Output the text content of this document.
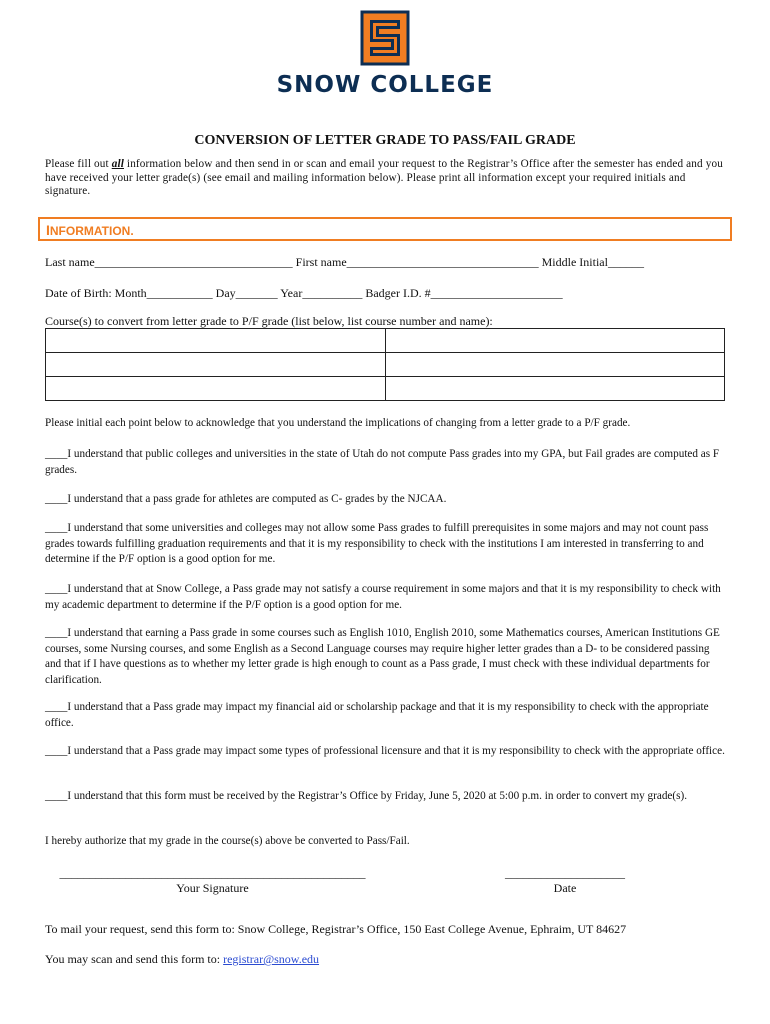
SNOW COLLEGE
CONVERSION OF LETTER GRADE TO PASS/FAIL GRADE
Please fill out all information below and then send in or scan and email your request to the Registrar’s Office after the semester has ended and you have received your letter grade(s) (see email and mailing information below). Please print all information except your required initials and signature.
INFORMATION.
Last name_________________________________ First name________________________________ Middle Initial______
Date of Birth: Month___________ Day_______ Year__________ Badger I.D. #______________________
Course(s) to convert from letter grade to P/F grade (list below, list course number and name):

Please initial each point below to acknowledge that you understand the implications of changing from a letter grade to a P/F grade.
____I understand that public colleges and universities in the state of Utah do not compute Pass grades into my GPA, but Fail grades are computed as F grades.
____I understand that a pass grade for athletes are computed as C- grades by the NJCAA.
____I understand that some universities and colleges may not allow some Pass grades to fulfill prerequisites in some majors and may not count pass grades towards fulfilling graduation requirements and that it is my responsibility to check with the institutions I am interested in transferring to and determine if the P/F option is a good option for me.
____I understand that at Snow College, a Pass grade may not satisfy a course requirement in some majors and that it is my responsibility to check with my academic department to determine if the P/F option is a good option for me.
____I understand that earning a Pass grade in some courses such as English 1010, English 2010, some Mathematics courses, American Institutions GE courses, some Nursing courses, and some English as a Second Language courses may require higher letter grades than a D- to be considered passing and that if I have questions as to whether my letter grade is high enough to count as a Pass grade, I must check with these individual departments for clarification.
____I understand that a Pass grade may impact my financial aid or scholarship package and that it is my responsibility to check with the appropriate office.
____I understand that a Pass grade may impact some types of professional licensure and that it is my responsibility to check with the appropriate office.
____I understand that this form must be received by the Registrar’s Office by Friday, June 5, 2020 at 5:00 p.m. in order to convert my grade(s).
I hereby authorize that my grade in the course(s) above be converted to Pass/Fail.
___________________________________________________
Your Signature
____________________
Date
To mail your request, send this form to: Snow College, Registrar’s Office, 150 East College Avenue, Ephraim, UT 84627
You may scan and send this form to: registrar@snow.edu
